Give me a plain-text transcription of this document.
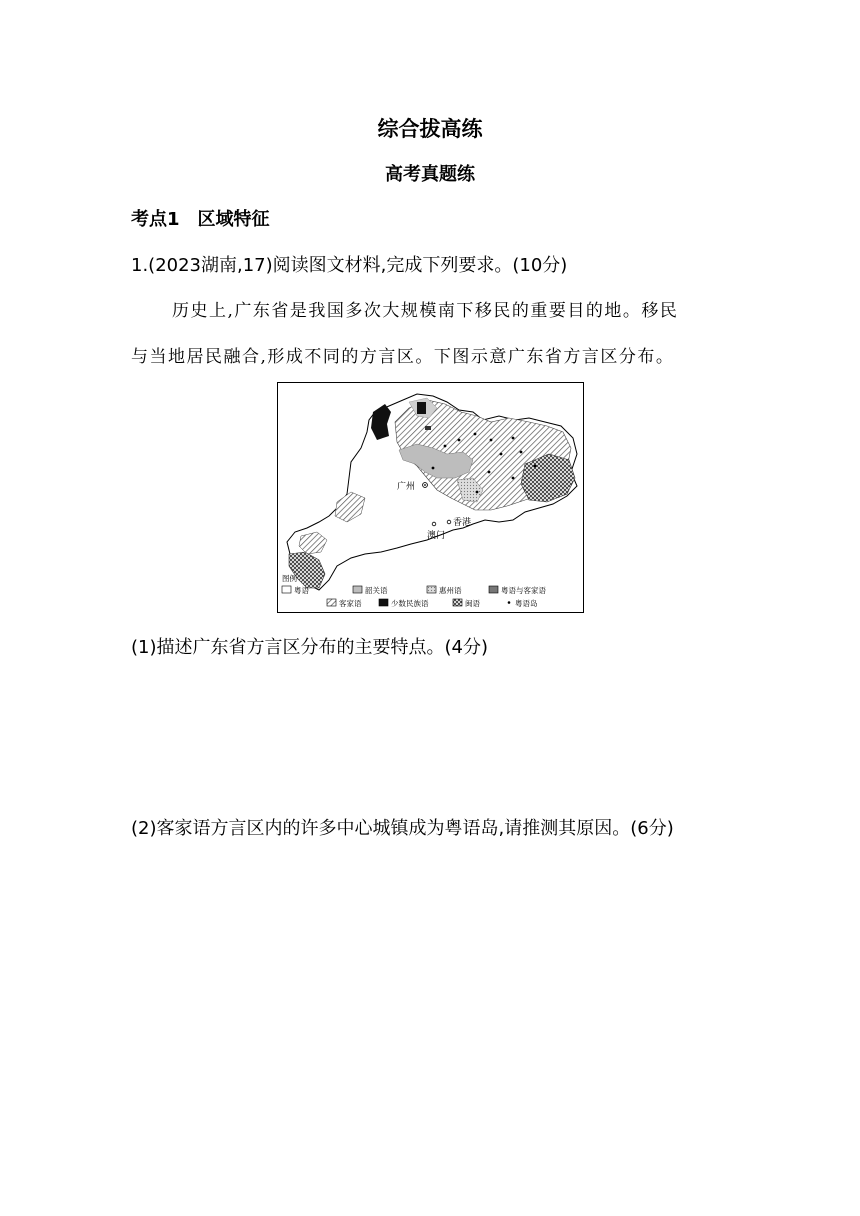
综合拔高练
高考真题练
考点1　区域特征
1.(2023湖南,17)阅读图文材料,完成下列要求。(10分)
历史上,广东省是我国多次大规模南下移民的重要目的地。移民
与当地居民融合,形成不同的方言区。下图示意广东省方言区分布。
广州
香港
澳门
图例
粤语	韶关语	惠州语	粤语与客家语
客家语	少数民族语	闽语	粤语岛
(1)描述广东省方言区分布的主要特点。(4分)
(2)客家语方言区内的许多中心城镇成为粤语岛,请推测其原因。(6分)
